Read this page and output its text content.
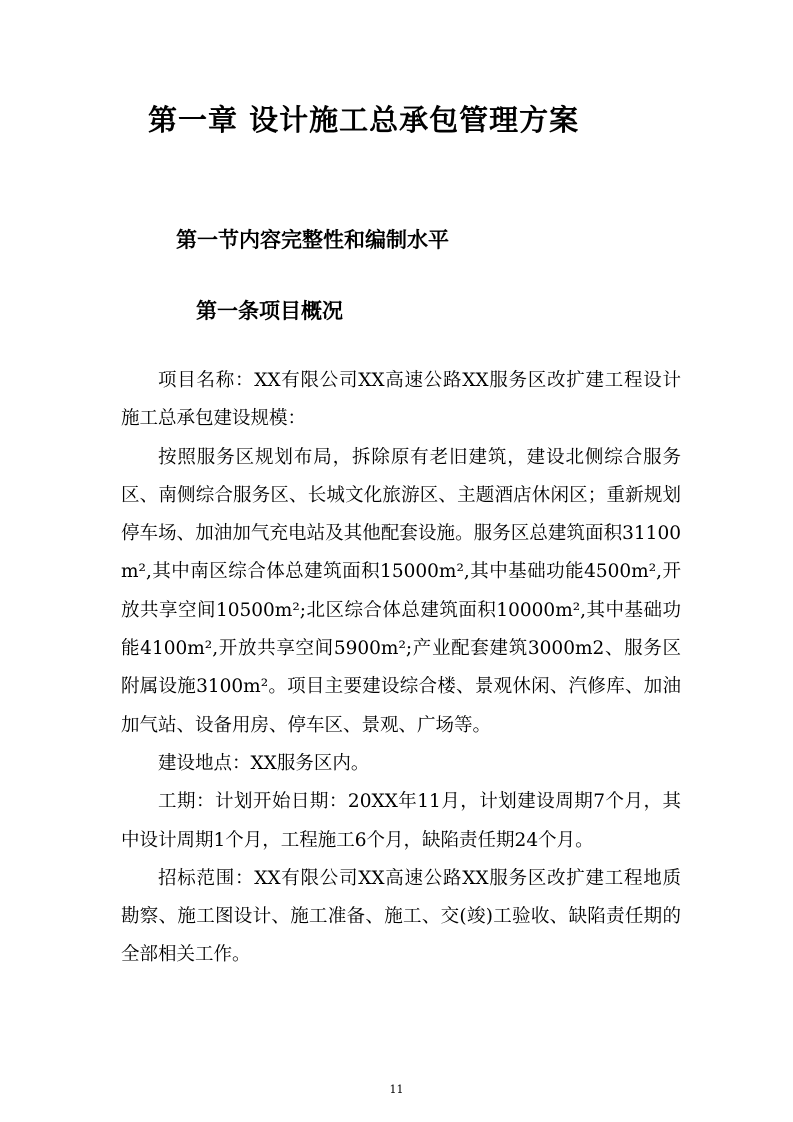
第一章 设计施工总承包管理方案
第一节内容完整性和编制水平
第一条项目概况

项目名称：XX有限公司XX高速公路XX服务区改扩建工程设计施工总承包建设规模：

按照服务区规划布局，拆除原有老旧建筑，建设北侧综合服务区、南侧综合服务区、长城文化旅游区、主题酒店休闲区；重新规划停车场、加油加气充电站及其他配套设施。服务区总建筑面积31100m²,其中南区综合体总建筑面积15000m²,其中基础功能4500m²,开放共享空间10500m²;北区综合体总建筑面积10000m²,其中基础功能4100m²,开放共享空间5900m²;产业配套建筑3000m2、服务区附属设施3100m²。项目主要建设综合楼、景观休闲、汽修库、加油加气站、设备用房、停车区、景观、广场等。

建设地点：XX服务区内。

工期：计划开始日期：20XX年11月，计划建设周期7个月，其中设计周期1个月，工程施工6个月，缺陷责任期24个月。

招标范围：XX有限公司XX高速公路XX服务区改扩建工程地质勘察、施工图设计、施工准备、施工、交(竣)工验收、缺陷责任期的全部相关工作。

11
